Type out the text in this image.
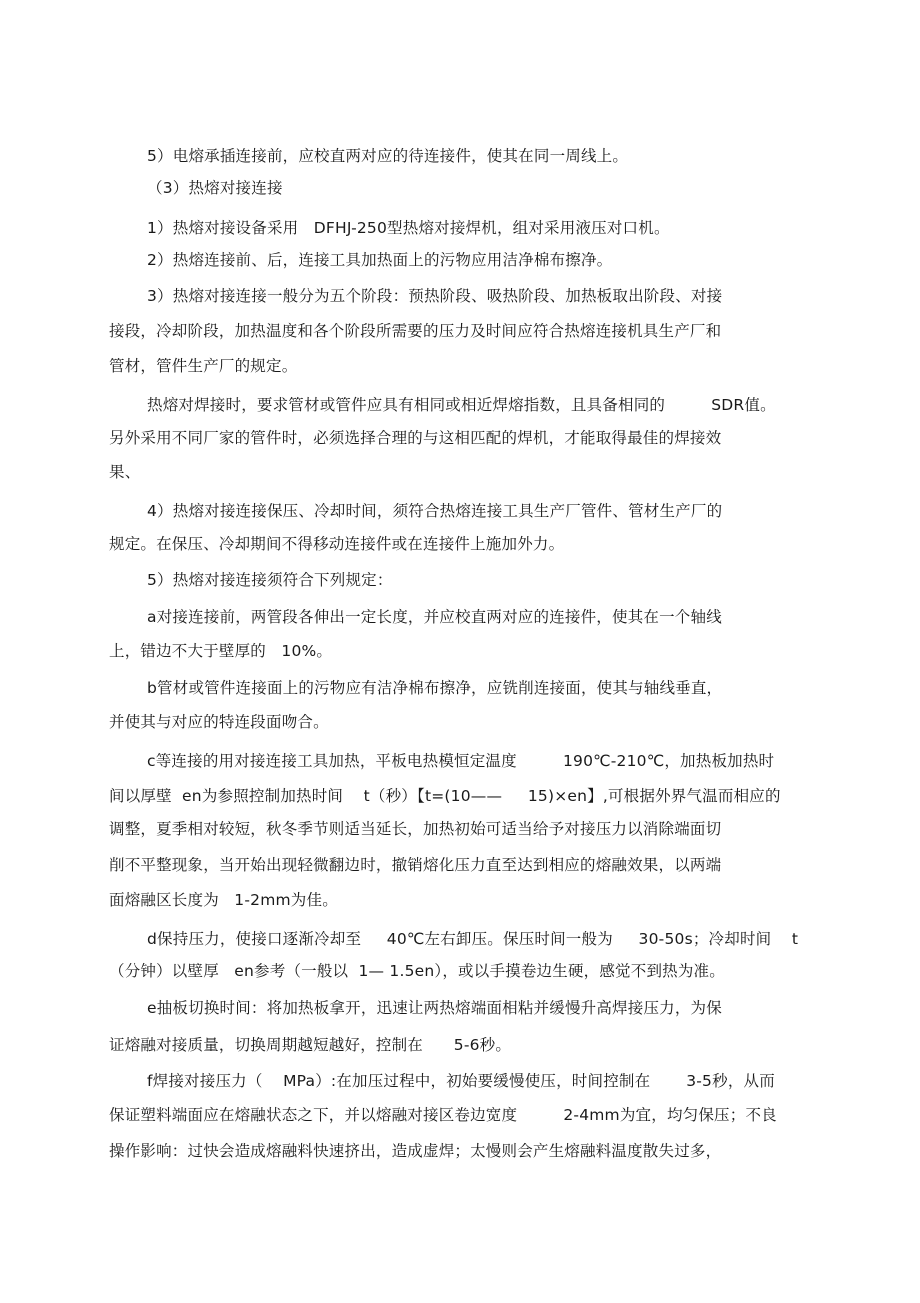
5）电熔承插连接前，应校直两对应的待连接件，使其在同一周线上。
（3）热熔对接连接
1）热熔对接设备采用   DFHJ-250型热熔对接焊机，组对采用液压对口机。
2）热熔连接前、后，连接工具加热面上的污物应用洁净棉布擦净。
3）热熔对接连接一般分为五个阶段：预热阶段、吸热阶段、加热板取出阶段、对接
接段，冷却阶段，加热温度和各个阶段所需要的压力及时间应符合热熔连接机具生产厂和
管材，管件生产厂的规定。
热熔对焊接时，要求管材或管件应具有相同或相近焊熔指数，且具备相同的         SDR值。
另外采用不同厂家的管件时，必须选择合理的与这相匹配的焊机，才能取得最佳的焊接效
果、
4）热熔对接连接保压、冷却时间，须符合热熔连接工具生产厂管件、管材生产厂的
规定。在保压、冷却期间不得移动连接件或在连接件上施加外力。
5）热熔对接连接须符合下列规定：
a对接连接前，两管段各伸出一定长度，并应校直两对应的连接件，使其在一个轴线
上，错边不大于壁厚的   10%。
b管材或管件连接面上的污物应有洁净棉布擦净，应铣削连接面，使其与轴线垂直，
并使其与对应的特连段面吻合。
c等连接的用对接连接工具加热，平板电热模恒定温度         190℃-210℃，加热板加热时
间以厚壁  en为参照控制加热时间    t（秒）【t=(10——     15)×en】,可根据外界气温而相应的
调整，夏季相对较短，秋冬季节则适当延长，加热初始可适当给予对接压力以消除端面切
削不平整现象，当开始出现轻微翻边时，撤销熔化压力直至达到相应的熔融效果，以两端
面熔融区长度为   1-2mm为佳。
d保持压力，使接口逐渐冷却至     40℃左右卸压。保压时间一般为     30-50s；冷却时间    t
（分钟）以壁厚   en参考（一般以  1— 1.5en），或以手摸卷边生硬，感觉不到热为准。
e抽板切换时间：将加热板拿开，迅速让两热熔端面相粘并缓慢升高焊接压力，为保
证熔融对接质量，切换周期越短越好，控制在      5-6秒。
f焊接对接压力（    MPa）:在加压过程中，初始要缓慢使压，时间控制在       3-5秒，从而
保证塑料端面应在熔融状态之下，并以熔融对接区卷边宽度         2-4mm为宜，均匀保压；不良
操作影响：过快会造成熔融料快速挤出，造成虚焊；太慢则会产生熔融料温度散失过多，
